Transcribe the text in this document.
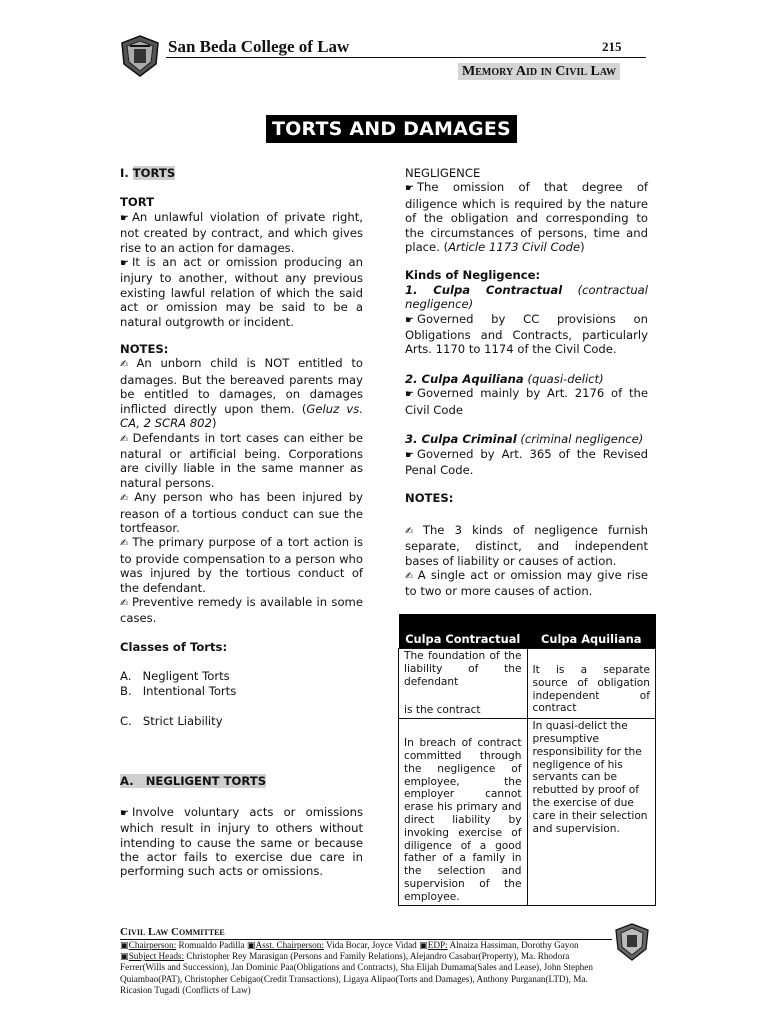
San Beda College of Law	215
Memory Aid in Civil Law
TORTS AND DAMAGES
I. TORTS
TORT

☛ An unlawful violation of private right, not created by contract, and which gives rise to an action for damages.

☛ It is an act or omission producing an injury to another, without any previous existing lawful relation of which the said act or omission may be said to be a natural outgrowth or incident.

NOTES:

✍ An unborn child is NOT entitled to damages. But the bereaved parents may be entitled to damages, on damages inflicted directly upon them. (Geluz vs. CA, 2 SCRA 802)

✍ Defendants in tort cases can either be natural or artificial being. Corporations are civilly liable in the same manner as natural persons.

✍ Any person who has been injured by reason of a tortious conduct can sue the tortfeasor.

✍ The primary purpose of a tort action is to provide compensation to a person who was injured by the tortious conduct of the defendant.

✍ Preventive remedy is available in some cases.

Classes of Torts:
A.   Negligent Torts
B.   Intentional Torts
C.   Strict Liability
A.   NEGLIGENT TORTS

☛ Involve voluntary acts or omissions which result in injury to others without intending to cause the same or because the actor fails to exercise due care in performing such acts or omissions.

NEGLIGENCE

☛ The omission of that degree of diligence which is required by the nature of the obligation and corresponding to the circumstances of persons, time and place. (Article 1173 Civil Code)

Kinds of Negligence:

1. Culpa Contractual (contractual negligence)

☛ Governed by CC provisions on Obligations and Contracts, particularly Arts. 1170 to 1174 of the Civil Code.

2. Culpa Aquiliana (quasi-delict)

☛ Governed mainly by Art. 2176 of the Civil Code

3. Culpa Criminal (criminal negligence)

☛ Governed by Art. 365 of the Revised Penal Code.

NOTES:

✍ The 3 kinds of negligence furnish separate, distinct, and independent bases of liability or causes of action.

✍ A single act or omission may give rise to two or more causes of action.

Culpa Contractual	Culpa Aquiliana

The foundation of the liability of the defendant
is the contract	It is a separate source of obligation independent of contract

In breach of contract committed through the negligence of employee, the employer cannot erase his primary and direct liability by invoking exercise of diligence of a good father of a family in the selection and supervision of the employee.	In quasi-delict the presumptive responsibility for the negligence of his servants can be rebutted by proof of the exercise of due care in their selection and supervision.
Civil Law Committee
▣Chairperson: Romualdo Padilla ▣Asst. Chairperson: Vida Bocar, Joyce Vidad ▣EDP: Alnaiza Hassiman, Dorothy Gayon
▣Subject Heads: Christopher Rey Marasigan (Persons and Family Relations), Alejandro Casabar(Property), Ma. Rhodora Ferrer(Wills and Succession), Jan Dominic Paa(Obligations and Contracts), Sha Elijah Dumama(Sales and Lease), John Stephen Quiambao(PAT), Christopher Cebigao(Credit Transactions), Ligaya Alipao(Torts and Damages), Anthony Purganan(LTD), Ma. Ricasion Tugadi (Conflicts of Law)
